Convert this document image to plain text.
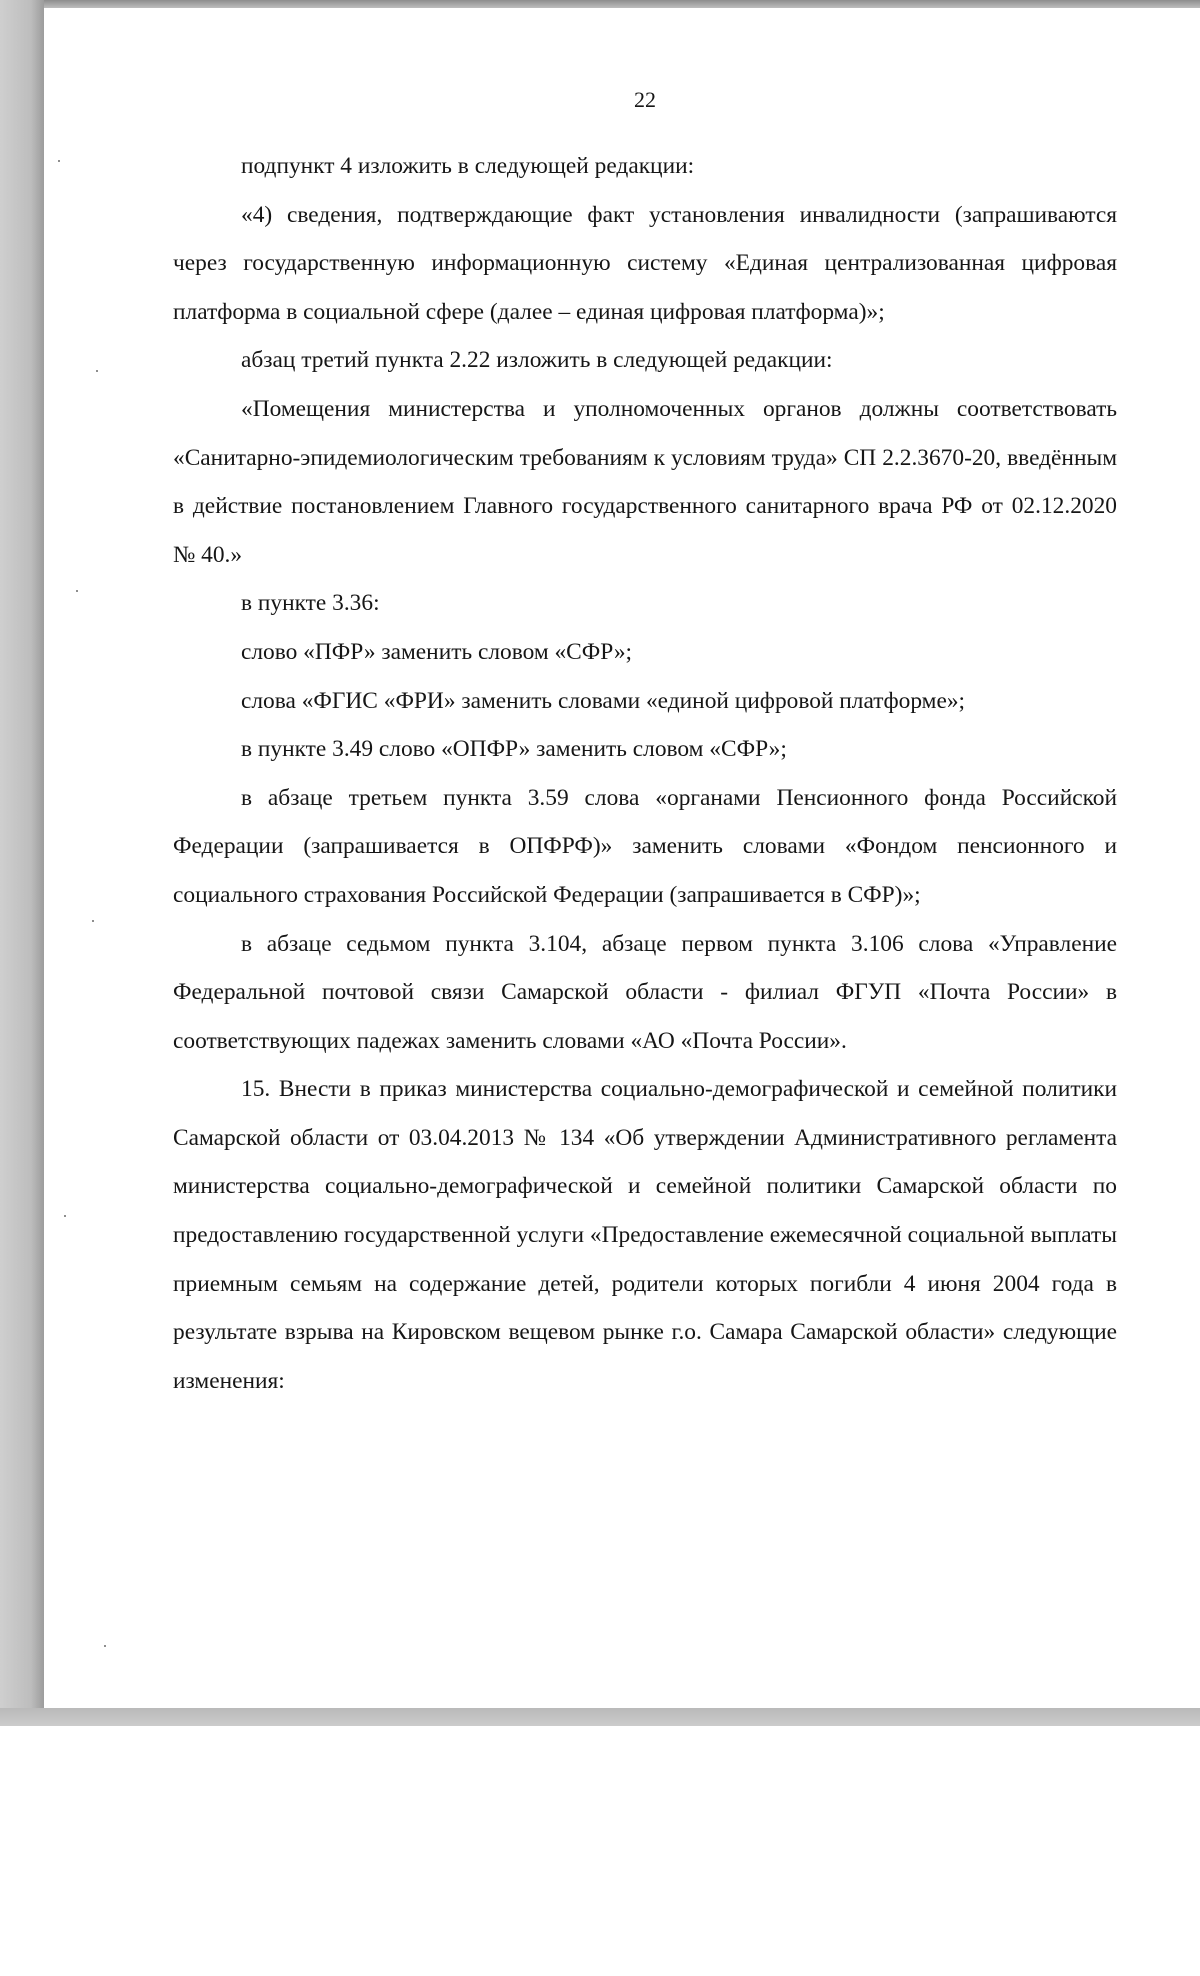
22

подпункт 4 изложить в следующей редакции:

«4) сведения, подтверждающие факт установления инвалидности (запрашиваются через государственную информационную систему «Единая централизованная цифровая платформа в социальной сфере (далее – единая цифровая платформа)»;

абзац третий пункта 2.22 изложить в следующей редакции:

«Помещения министерства и уполномоченных органов должны соответствовать «Санитарно-эпидемиологическим требованиям к условиям труда» СП 2.2.3670-20, введённым в действие постановлением Главного государственного санитарного врача РФ от 02.12.2020 № 40.»

в пункте 3.36:

слово «ПФР» заменить словом «СФР»;

слова «ФГИС «ФРИ» заменить словами «единой цифровой платформе»;

в пункте 3.49 слово «ОПФР» заменить словом «СФР»;

в абзаце третьем пункта 3.59 слова «органами Пенсионного фонда Российской Федерации (запрашивается в ОПФРФ)» заменить словами «Фондом пенсионного и социального страхования Российской Федерации (запрашивается в СФР)»;

в абзаце седьмом пункта 3.104, абзаце первом пункта 3.106 слова «Управление Федеральной почтовой связи Самарской области - филиал ФГУП «Почта России» в соответствующих падежах заменить словами «АО «Почта России».

15. Внести в приказ министерства социально-демографической и семейной политики Самарской области от 03.04.2013 № 134 «Об утверждении Административного регламента министерства социально-демографической и семейной политики Самарской области по предоставлению государственной услуги «Предоставление ежемесячной социальной выплаты приемным семьям на содержание детей, родители которых погибли 4 июня 2004 года в результате взрыва на Кировском вещевом рынке г.о. Самара Самарской области» следующие изменения:
